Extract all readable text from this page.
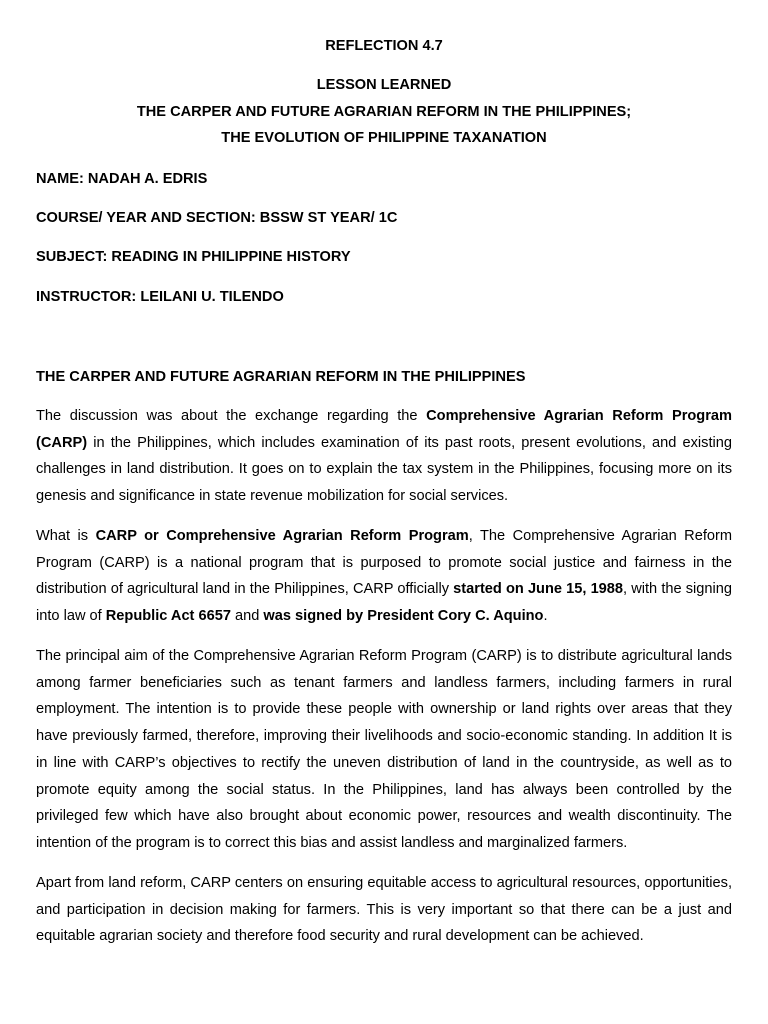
REFLECTION 4.7
LESSON LEARNED
THE CARPER AND FUTURE AGRARIAN REFORM IN THE PHILIPPINES;
THE EVOLUTION OF PHILIPPINE TAXANATION
NAME: NADAH A. EDRIS
COURSE/ YEAR AND SECTION: BSSW ST YEAR/ 1C
SUBJECT: READING IN PHILIPPINE HISTORY
INSTRUCTOR: LEILANI U. TILENDO
THE CARPER AND FUTURE AGRARIAN REFORM IN THE PHILIPPINES

The discussion was about the exchange regarding the Comprehensive Agrarian Reform Program (CARP) in the Philippines, which includes examination of its past roots, present evolutions, and existing challenges in land distribution. It goes on to explain the tax system in the Philippines, focusing more on its genesis and significance in state revenue mobilization for social services.

What is CARP or Comprehensive Agrarian Reform Program, The Comprehensive Agrarian Reform Program (CARP) is a national program that is purposed to promote social justice and fairness in the distribution of agricultural land in the Philippines, CARP officially started on June 15, 1988, with the signing into law of Republic Act 6657 and was signed by President Cory C. Aquino.

The principal aim of the Comprehensive Agrarian Reform Program (CARP) is to distribute agricultural lands among farmer beneficiaries such as tenant farmers and landless farmers, including farmers in rural employment. The intention is to provide these people with ownership or land rights over areas that they have previously farmed, therefore, improving their livelihoods and socio-economic standing. In addition It is in line with CARP’s objectives to rectify the uneven distribution of land in the countryside, as well as to promote equity among the social status. In the Philippines, land has always been controlled by the privileged few which have also brought about economic power, resources and wealth discontinuity. The intention of the program is to correct this bias and assist landless and marginalized farmers.

Apart from land reform, CARP centers on ensuring equitable access to agricultural resources, opportunities, and participation in decision making for farmers. This is very important so that there can be a just and equitable agrarian society and therefore food security and rural development can be achieved.
